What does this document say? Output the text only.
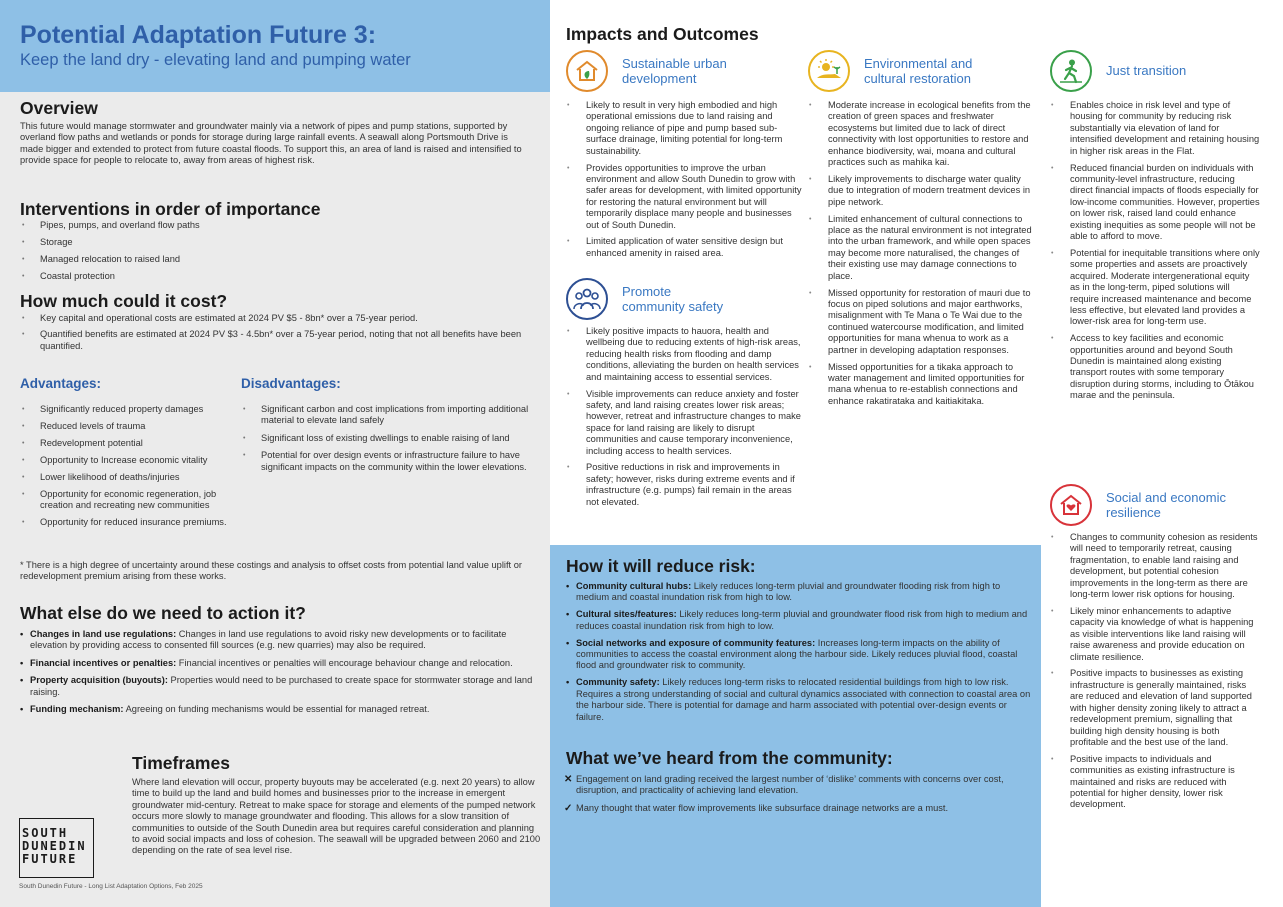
Potential Adaptation Future 3:
Keep the land dry - elevating land and pumping water
Overview
This future would manage stormwater and groundwater mainly via a network of pipes and pump stations, supported by overland flow paths and wetlands or ponds for storage during large rainfall events. A seawall along Portsmouth Drive is made bigger and extended to protect from future coastal floods. To support this, an area of land is raised and intensified to provide space for people to relocate to, away from areas of highest risk.
Interventions in order of importance
• Pipes, pumps, and overland flow paths
• Storage
• Managed relocation to raised land
• Coastal protection
How much could it cost?
• Key capital and operational costs are estimated at 2024 PV $5 - 8bn* over a 75-year period.
• Quantified benefits are estimated at 2024 PV $3 - 4.5bn* over a 75-year period, noting that not all benefits have been quantified.
Advantages:
• Significantly reduced property damages
• Reduced levels of trauma
• Redevelopment potential
• Opportunity to Increase economic vitality
• Lower likelihood of deaths/injuries
• Opportunity for economic regeneration, job creation and recreating new communities
• Opportunity for reduced insurance premiums.
Disadvantages:
• Significant carbon and cost implications from importing additional material to elevate land safely
• Significant loss of existing dwellings to enable raising of land
• Potential for over design events or infrastructure failure to have significant impacts on the community within the lower elevations.
* There is a high degree of uncertainty around these costings and analysis to offset costs from potential land value uplift or redevelopment premium arising from these works.
What else do we need to action it?
• Changes in land use regulations: Changes in land use regulations to avoid risky new developments or to facilitate elevation by providing access to consented fill sources (e.g. new quarries) may also be required.
• Financial incentives or penalties: Financial incentives or penalties will encourage behaviour change and relocation.
• Property acquisition (buyouts): Properties would need to be purchased to create space for stormwater storage and land raising.
• Funding mechanism: Agreeing on funding mechanisms would be essential for managed retreat.
Timeframes
Where land elevation will occur, property buyouts may be accelerated (e.g. next 20 years) to allow time to build up the land and build homes and businesses prior to the increase in emergent groundwater mid-century. Retreat to make space for storage and elements of the pumped network occurs more slowly to manage groundwater and flooding. This allows for a slow transition of communities to outside of the South Dunedin area but requires careful consideration and planning to avoid social impacts and loss of cohesion. The seawall will be upgraded between 2060 and 2100 depending on the rate of sea level rise.
SOUTH
DUNEDIN
FUTURE
South Dunedin Future - Long List Adaptation Options, Feb 2025
Impacts and Outcomes
Sustainable urban
development
• Likely to result in very high embodied and high operational emissions due to land raising and ongoing reliance of pipe and pump based sub-surface drainage, limiting potential for long-term sustainability.
• Provides opportunities to improve the urban environment and allow South Dunedin to grow with safer areas for development, with limited opportunity for restoring the natural environment but will temporarily displace many people and businesses out of South Dunedin.
• Limited application of water sensitive design but enhanced amenity in raised area.
Promote
community safety
• Likely positive impacts to hauora, health and wellbeing due to reducing extents of high-risk areas, reducing health risks from flooding and damp conditions, alleviating the burden on health services and maintaining access to essential services.
• Visible improvements can reduce anxiety and foster safety, and land raising creates lower risk areas; however, retreat and infrastructure changes to make space for land raising are likely to disrupt communities and cause temporary inconvenience, including access to health services.
• Positive reductions in risk and improvements in safety; however, risks during extreme events and if infrastructure (e.g. pumps) fail remain in the areas not elevated.
Environmental and
cultural restoration
• Moderate increase in ecological benefits from the creation of green spaces and freshwater ecosystems but limited due to lack of direct connectivity with lost opportunities to restore and enhance biodiversity, wai, moana and cultural practices such as mahika kai.
• Likely improvements to discharge water quality due to integration of modern treatment devices in pipe network.
• Limited enhancement of cultural connections to place as the natural environment is not integrated into the urban framework, and while open spaces may become more naturalised, the changes of their existing use may damage connections to place.
• Missed opportunity for restoration of mauri due to focus on piped solutions and major earthworks, misalignment with Te Mana o Te Wai due to the continued watercourse modification, and limited opportunities for mana whenua to work as a partner in developing adaptation responses.
• Missed opportunities for a tikaka approach to water management and limited opportunities for mana whenua to re-establish connections and enhance rakatirataka and kaitiakitaka.
Just transition
• Enables choice in risk level and type of housing for community by reducing risk substantially via elevation of land for intensified development and retaining housing in higher risk areas in the Flat.
• Reduced financial burden on individuals with community-level infrastructure, reducing direct financial impacts of floods especially for low-income communities. However, properties on lower risk, raised land could enhance existing inequities as some people will not be able to afford to move.
• Potential for inequitable transitions where only some properties and assets are proactively acquired. Moderate intergenerational equity as in the long-term, piped solutions will require increased maintenance and become less effective, but elevated land provides a lower-risk area for long-term use.
• Access to key facilities and economic opportunities around and beyond South Dunedin is maintained along existing transport routes with some temporary disruption during storms, including to Ōtākou marae and the peninsula.
Social and economic
resilience
• Changes to community cohesion as residents will need to temporarily retreat, causing fragmentation, to enable land raising and development, but potential cohesion improvements in the long-term as there are long-term lower risk options for housing.
• Likely minor enhancements to adaptive capacity via knowledge of what is happening as visible interventions like land raising will raise awareness and provide education on climate resilience.
• Positive impacts to businesses as existing infrastructure is generally maintained, risks are reduced and elevation of land supported with higher density zoning likely to attract a redevelopment premium, signalling that building high density housing is both profitable and the best use of the land.
• Positive impacts to individuals and communities as existing infrastructure is maintained and risks are reduced with potential for higher density, lower risk development.
How it will reduce risk:
• Community cultural hubs: Likely reduces long-term pluvial and groundwater flooding risk from high to medium and coastal inundation risk from high to low.
• Cultural sites/features: Likely reduces long-term pluvial and groundwater flood risk from high to medium and reduces coastal inundation risk from high to low.
• Social networks and exposure of community features: Increases long-term impacts on the ability of communities to access the coastal environment along the harbour side. Likely reduces pluvial flood, coastal flood and groundwater risk to community.
• Community safety: Likely reduces long-term risks to relocated residential buildings from high to low risk. Requires a strong understanding of social and cultural dynamics associated with connection to coastal area on the harbour side. There is potential for damage and harm associated with potential over-design events or failure.
What we’ve heard from the community:
✕ Engagement on land grading received the largest number of ‘dislike’ comments with concerns over cost, disruption, and practicality of achieving land elevation.
✓ Many thought that water flow improvements like subsurface drainage networks are a must.
